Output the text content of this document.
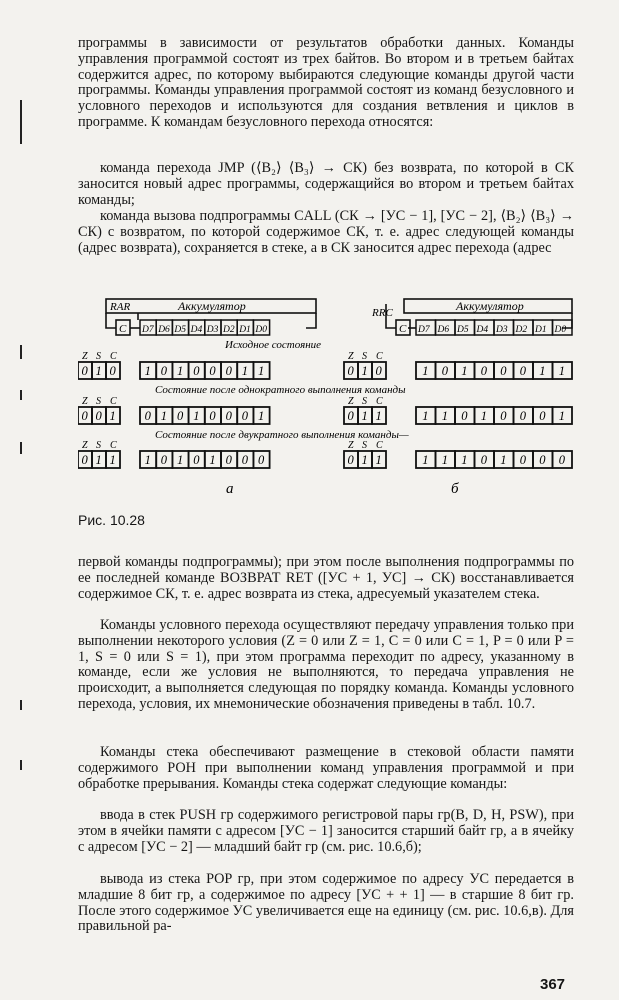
программы в зависимости от результатов обработки данных. Команды управления программой состоят из трех байтов. Во втором и в третьем байтах содержится адрес, по которому выбираются следующие команды другой части программы. Команды управления программой состоят из команд безусловного и условного переходов и используются для создания ветвления и циклов в программе. К командам безусловного перехода относятся:

команда перехода JMP (⟨B₂⟩ ⟨B₃⟩ → СК) без возврата, по которой в СК заносится новый адрес программы, содержащийся во втором и третьем байтах команды;

команда вызова подпрограммы CALL (СК → [УС − 1], [УС − 2], ⟨B₂⟩ ⟨B₃⟩ → СК) с возвратом, по которой содержимое СК, т. е. адрес следующей команды (адрес возврата), сохраняется в стеке, а в СК заносится адрес перехода (адрес

RAR	Аккумулятор	RRC	Аккумулятор
C D7 D6 D5 D4 D3 D2 D1 D0
Z S C
0 1 0 1 0 1 0 0 0 1 1
Z S C
0 0 1 0 1 0 1 0 0 0 1
Z S C
0 1 1 1 0 1 0 1 0 0 0
C D7 D6 D5 D4 D3 D2 D1 D0
Z S C
0 1 0	1 0 1 0 0 0 1 1
Z S C
0 1 1	1 1 0 1 0 0 0 1
Z S C
0 1 1	1 1 1 0 1 0 0 0
Исходное состояние
Состояние после однократного выполнения команды
Состояние после двукратного выполнения команды—
а	б
Рис. 10.28

первой команды подпрограммы); при этом после выполнения подпрограммы по ее последней команде ВОЗВРАТ RET ([УС + 1, УС] → СК) восстанавливается содержимое СК, т. е. адрес возврата из стека, адресуемый указателем стека.

Команды условного перехода осуществляют передачу управления только при выполнении некоторого условия (Z = 0 или Z = 1, C = 0 или C = 1, P = 0 или P = 1, S = 0 или S = 1), при этом программа переходит по адресу, указанному в команде, если же условия не выполняются, то передача управления не происходит, а выполняется следующая по порядку команда. Команды условного перехода, условия, их мнемонические обозначения приведены в табл. 10.7.

Команды стека обеспечивают размещение в стековой области памяти содержимого РОН при выполнении команд управления программой и при обработке прерывания. Команды стека содержат следующие команды:

ввода в стек PUSH гр содержимого регистровой пары гр(B, D, H, PSW), при этом в ячейки памяти с адресом [УС − 1] заносится старший байт гр, а в ячейку с адресом [УС − 2] — младший байт гр (см. рис. 10.6,б);

вывода из стека POP гр, при этом содержимое по адресу УС передается в младшие 8 бит гр, а содержимое по адресу [УС + + 1] — в старшие 8 бит гр. После этого содержимое УС увеличивается еще на единицу (см. рис. 10.6,в). Для правильной ра-

367
